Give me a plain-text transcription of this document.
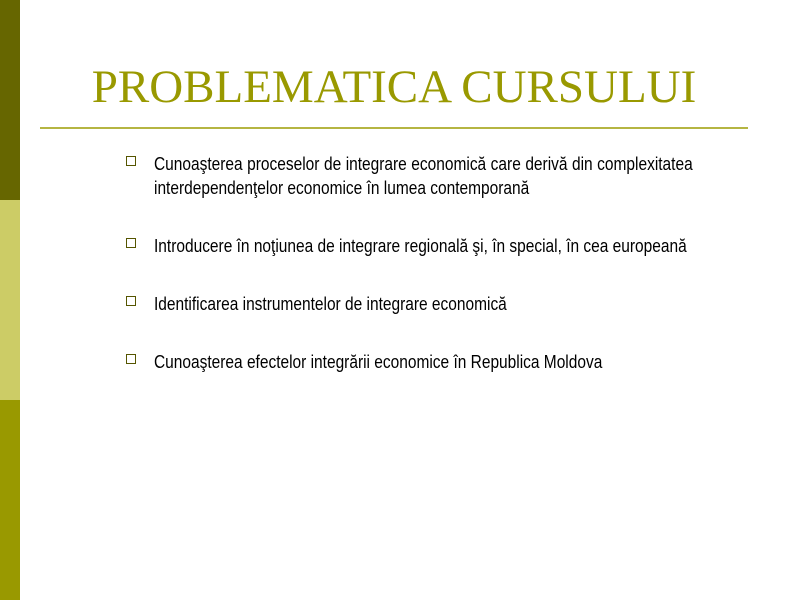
PROBLEMATICA CURSULUI
Cunoaşterea proceselor de integrare economică care derivă din complexitatea interdependenţelor economice în lumea contemporană
Introducere în noţiunea de integrare regională şi, în special, în cea europeană
Identificarea instrumentelor de integrare economică
Cunoaşterea efectelor integrării economice în Republica Moldova
